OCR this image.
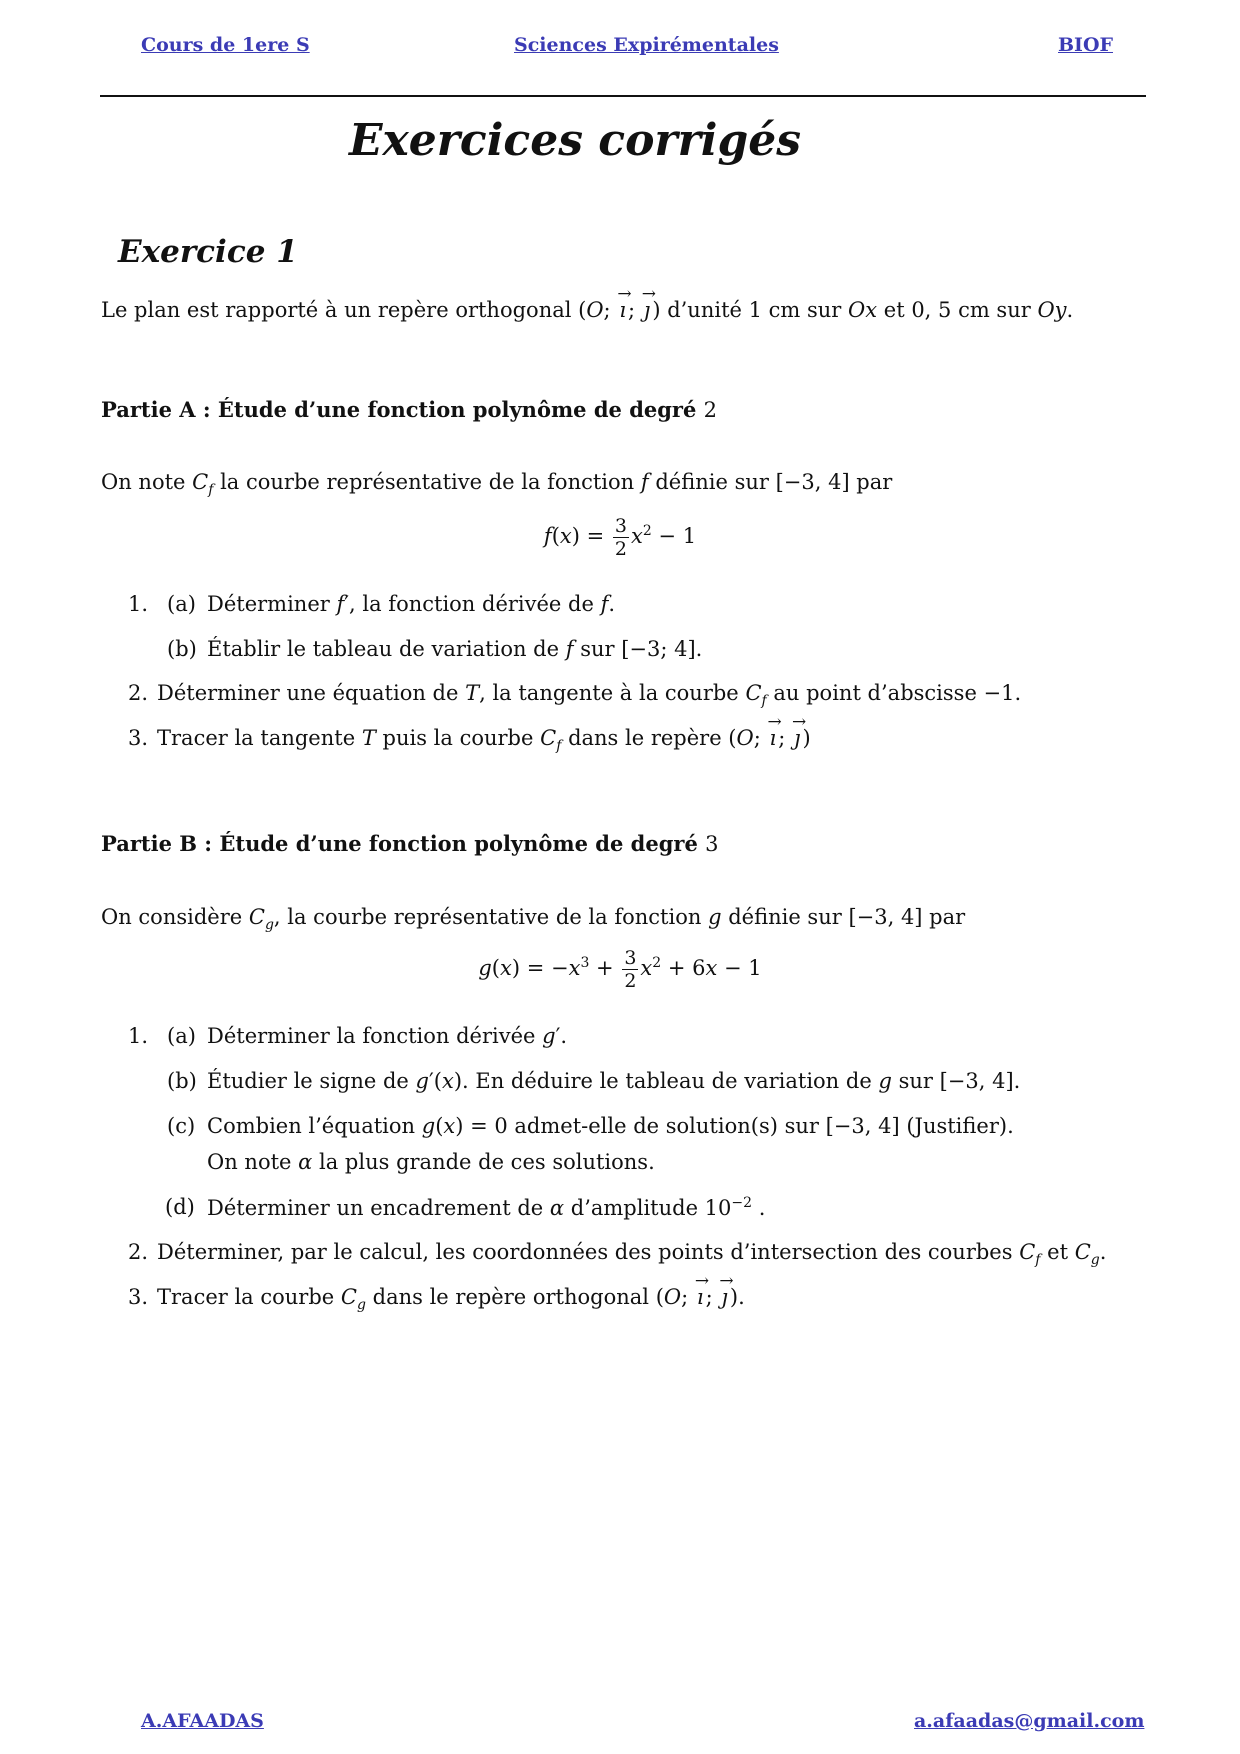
Cours de 1ere S	Sciences Expirémentales	BIOF
Exercices corrigés
Exercice 1
Le plan est rapporté à un repère orthogonal (O; → ı; → ȷ) d’unité 1 cm sur Ox et 0, 5 cm sur Oy.
Partie A : Étude d’une fonction polynôme de degré 2
On note $C_f$ la courbe représentative de la fonction f définie sur [−3, 4] par
$f(x) = \frac{3}{2} x^2 - 1$
1. (a) Déterminer f′, la fonction dérivée de f.
(b) Établir le tableau de variation de f sur [−3; 4].
2. Déterminer une équation de T, la tangente à la courbe $C_f$ au point d’abscisse −1.
3. Tracer la tangente T puis la courbe $C_f$ dans le repère (O; → ı; → ȷ)
Partie B : Étude d’une fonction polynôme de degré 3
On considère $C_g$, la courbe représentative de la fonction g définie sur [−3, 4] par
$g(x) = -x^3 + \frac{3}{2} x^2 + 6x - 1$
1. (a) Déterminer la fonction dérivée g′.
(b) Étudier le signe de g′(x). En déduire le tableau de variation de g sur [−3, 4].
(c) Combien l’équation g(x) = 0 admet-elle de solution(s) sur [−3, 4] (Justifier).
On note α la plus grande de ces solutions.
(d) Déterminer un encadrement de α d’amplitude $10^{-2}$ .
2. Déterminer, par le calcul, les coordonnées des points d’intersection des courbes $C_f$ et $C_g$.
3. Tracer la courbe $C_g$ dans le repère orthogonal (O; → ı; → ȷ).
A.AFAADAS	a.afaadas@gmail.com
